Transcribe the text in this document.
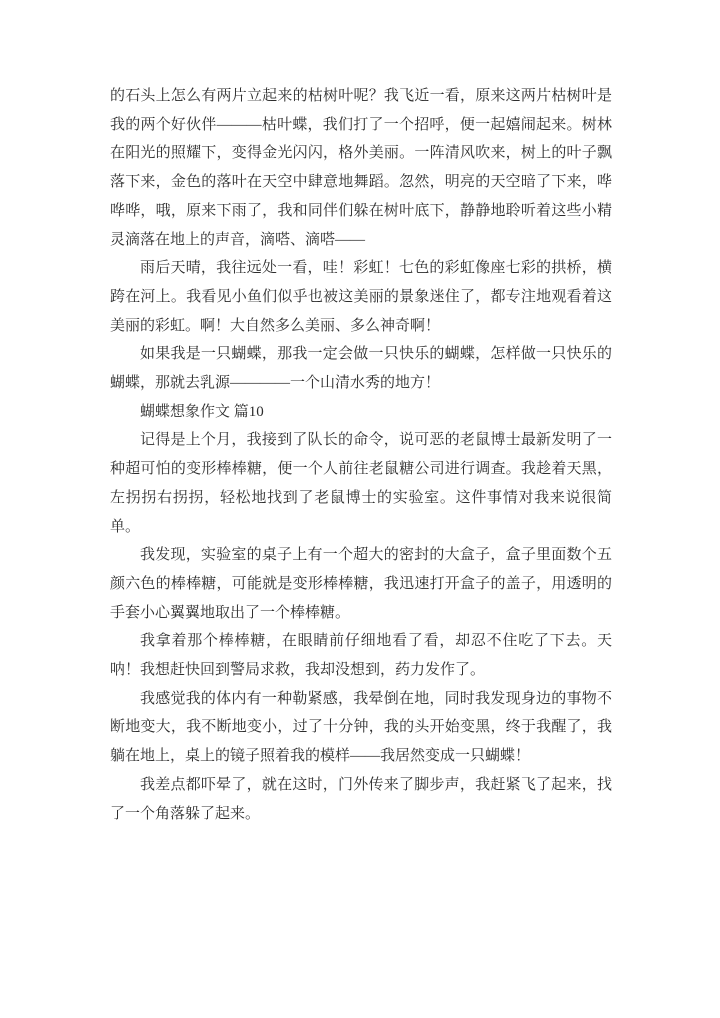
的石头上怎么有两片立起来的枯树叶呢？我飞近一看，原来这两片枯树叶是我的两个好伙伴———枯叶蝶，我们打了一个招呼，便一起嬉闹起来。树林在阳光的照耀下，变得金光闪闪，格外美丽。一阵清风吹来，树上的叶子飘落下来，金色的落叶在天空中肆意地舞蹈。忽然，明亮的天空暗了下来，哗哗哗，哦，原来下雨了，我和同伴们躲在树叶底下，静静地聆听着这些小精灵滴落在地上的声音，滴嗒、滴嗒——

雨后天晴，我往远处一看，哇！彩虹！七色的彩虹像座七彩的拱桥，横跨在河上。我看见小鱼们似乎也被这美丽的景象迷住了，都专注地观看着这美丽的彩虹。啊！大自然多么美丽、多么神奇啊！

如果我是一只蝴蝶，那我一定会做一只快乐的蝴蝶，怎样做一只快乐的蝴蝶，那就去乳源————一个山清水秀的地方！

蝴蝶想象作文 篇10

记得是上个月，我接到了队长的命令，说可恶的老鼠博士最新发明了一种超可怕的变形棒棒糖，便一个人前往老鼠糖公司进行调查。我趁着天黑，左拐拐右拐拐，轻松地找到了老鼠博士的实验室。这件事情对我来说很简单。

我发现，实验室的桌子上有一个超大的密封的大盒子，盒子里面数个五颜六色的棒棒糖，可能就是变形棒棒糖，我迅速打开盒子的盖子，用透明的手套小心翼翼地取出了一个棒棒糖。

我拿着那个棒棒糖，在眼睛前仔细地看了看，却忍不住吃了下去。天呐！我想赶快回到警局求救，我却没想到，药力发作了。

我感觉我的体内有一种勒紧感，我晕倒在地，同时我发现身边的事物不断地变大，我不断地变小，过了十分钟，我的头开始变黑，终于我醒了，我躺在地上，桌上的镜子照着我的模样——我居然变成一只蝴蝶！

我差点都吓晕了，就在这时，门外传来了脚步声，我赶紧飞了起来，找了一个角落躲了起来。
